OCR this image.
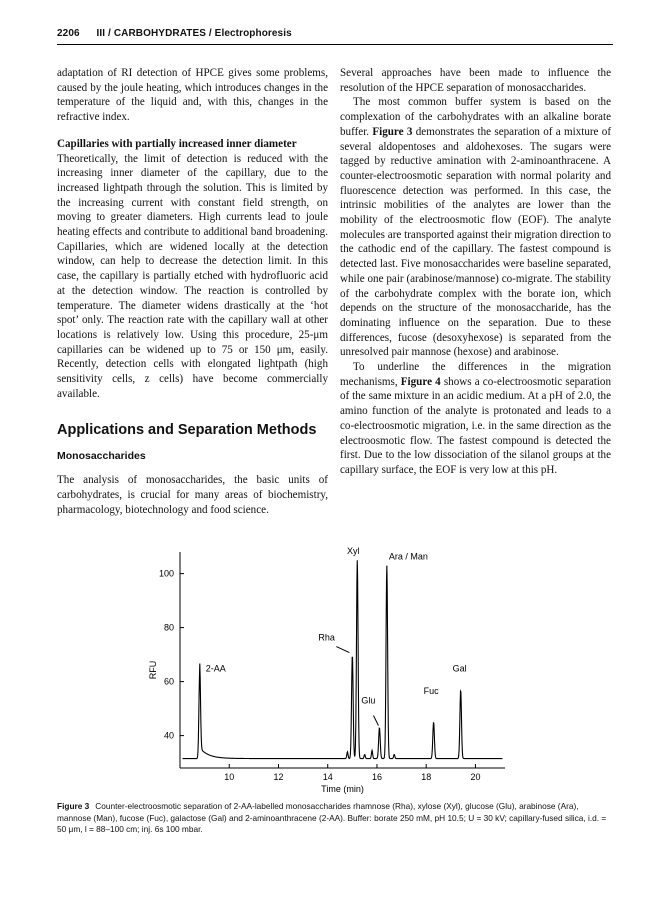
2206 III / CARBOHYDRATES / Electrophoresis

adaptation of RI detection of HPCE gives some problems, caused by the joule heating, which introduces changes in the temperature of the liquid and, with this, changes in the refractive index.

Capillaries with partially increased inner diameter
Theoretically, the limit of detection is reduced with the increasing inner diameter of the capillary, due to the increased lightpath through the solution. This is limited by the increasing current with constant field strength, on moving to greater diameters. High currents lead to joule heating effects and contribute to additional band broadening. Capillaries, which are widened locally at the detection window, can help to decrease the detection limit. In this case, the capillary is partially etched with hydrofluoric acid at the detection window. The reaction is controlled by temperature. The diameter widens drastically at the ‘hot spot’ only. The reaction rate with the capillary wall at other locations is relatively low. Using this procedure, 25-μm capillaries can be widened up to 75 or 150 μm, easily. Recently, detection cells with elongated lightpath (high sensitivity cells, z cells) have become commercially available.

Applications and Separation Methods
Monosaccharides

The analysis of monosaccharides, the basic units of carbohydrates, is crucial for many areas of biochemistry, pharmacology, biotechnology and food science.

Several approaches have been made to influence the resolution of the HPCE separation of monosaccharides.

The most common buffer system is based on the complexation of the carbohydrates with an alkaline borate buffer. Figure 3 demonstrates the separation of a mixture of several aldopentoses and aldohexoses. The sugars were tagged by reductive amination with 2-aminoanthracene. A counter-electroosmotic separation with normal polarity and fluorescence detection was performed. In this case, the intrinsic mobilities of the analytes are lower than the mobility of the electroosmotic flow (EOF). The analyte molecules are transported against their migration direction to the cathodic end of the capillary. The fastest compound is detected last. Five monosaccharides were baseline separated, while one pair (arabinose/mannose) co-migrate. The stability of the carbohydrate complex with the borate ion, which depends on the structure of the monosaccharide, has the dominating influence on the separation. Due to these differences, fucose (desoxyhexose) is separated from the unresolved pair mannose (hexose) and arabinose.

To underline the differences in the migration mechanisms, Figure 4 shows a co-electroosmotic separation of the same mixture in an acidic medium. At a pH of 2.0, the amino function of the analyte is protonated and leads to a co-electroosmotic migration, i.e. in the same direction as the electroosmotic flow. The fastest compound is detected the first. Due to the low dissociation of the silanol groups at the capillary surface, the EOF is very low at this pH.

10	12	14	16	18	20
40
60
80
100
Time (min)
RFU	2-AA
Rha
Xyl
Glu
Ara / Man
Fuc
Gal
Figure 3 Counter-electroosmotic separation of 2-AA-labelled monosaccharides rhamnose (Rha), xylose (Xyl), glucose (Glu), arabinose (Ara), mannose (Man), fucose (Fuc), galactose (Gal) and 2-aminoanthracene (2-AA). Buffer: borate 250 mM, pH 10.5; U = 30 kV; capillary-fused silica, i.d. = 50 μm, l = 88–100 cm; inj. 6s 100 mbar.
